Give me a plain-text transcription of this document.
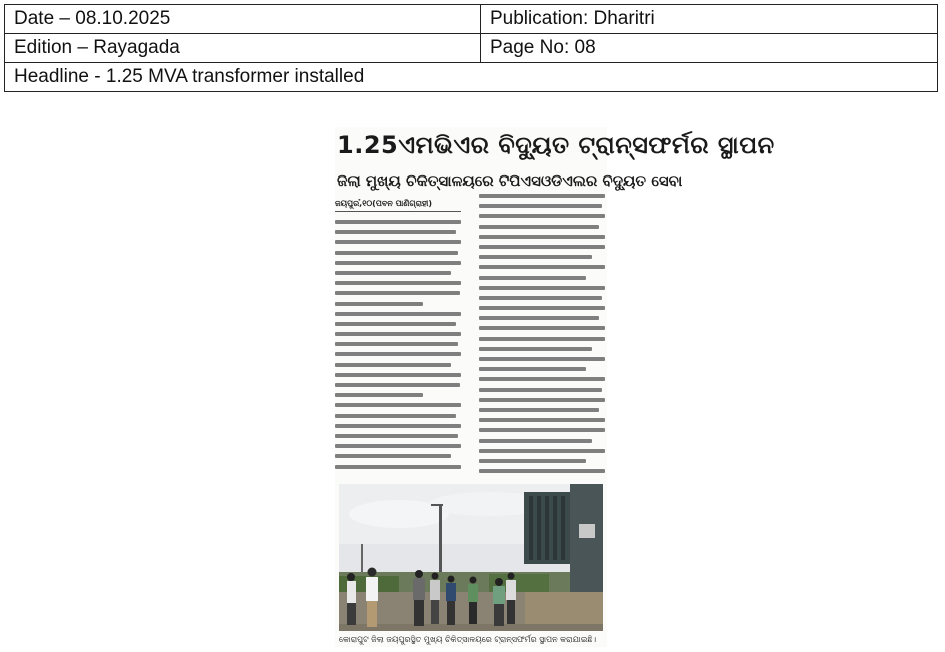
Date – 08.10.2025	Publication: Dharitri
Edition – Rayagada	Page No: 08
Headline - 1.25 MVA transformer installed	
1.25ଏମଭିଏର ବିଦ୍ୟୁତ ଟ୍ରାନ୍ସଫର୍ମର ସ୍ଥାପନ
ଜିଲା ମୁଖ୍ୟ ଚିକିତ୍ସାଳୟରେ ଟିପିଏସଓଡିଏଲର ବିଦ୍ୟୁତ ସେବା
ଜୟପୁର,ໍ୧୦(ପବନ ପାଣିଗ୍ରାହୀ)
କୋରାପୁଟ ଜିଲା ଜୟପୁରସ୍ଥିତ ମୁଖ୍ୟ ଚିକିତ୍ସାଳୟରେ ଟ୍ରାନ୍ସଫର୍ମର ସ୍ଥାପନ କରାଯାଇଛି।
